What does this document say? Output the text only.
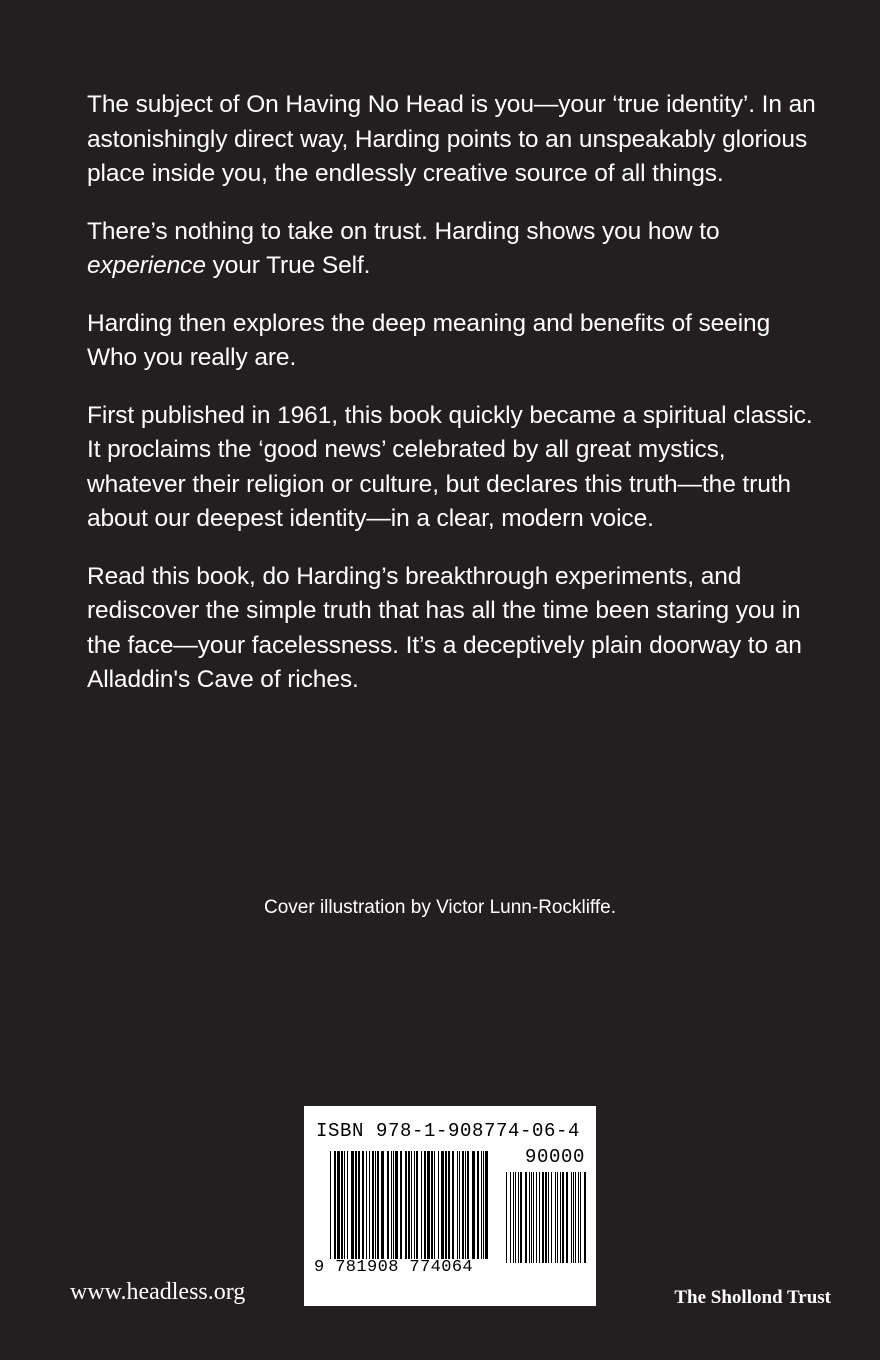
The subject of On Having No Head is you—your ‘true identity’. In an astonishingly direct way, Harding points to an unspeakably glorious place inside you, the endlessly creative source of all things.

There’s nothing to take on trust. Harding shows you how to experience your True Self.

Harding then explores the deep meaning and benefits of seeing Who you really are.

First published in 1961, this book quickly became a spiritual classic. It proclaims the ‘good news’ celebrated by all great mystics, whatever their religion or culture, but declares this truth—the truth about our deepest identity—in a clear, modern voice.

Read this book, do Harding’s breakthrough experiments, and rediscover the simple truth that has all the time been staring you in the face—your facelessness. It’s a deceptively plain doorway to an Alladdin's Cave of riches.

Cover illustration by Victor Lunn-Rockliffe.
ISBN 978-1-908774-06-4
90000
9 781908 774064
www.headless.org	The Shollond Trust
